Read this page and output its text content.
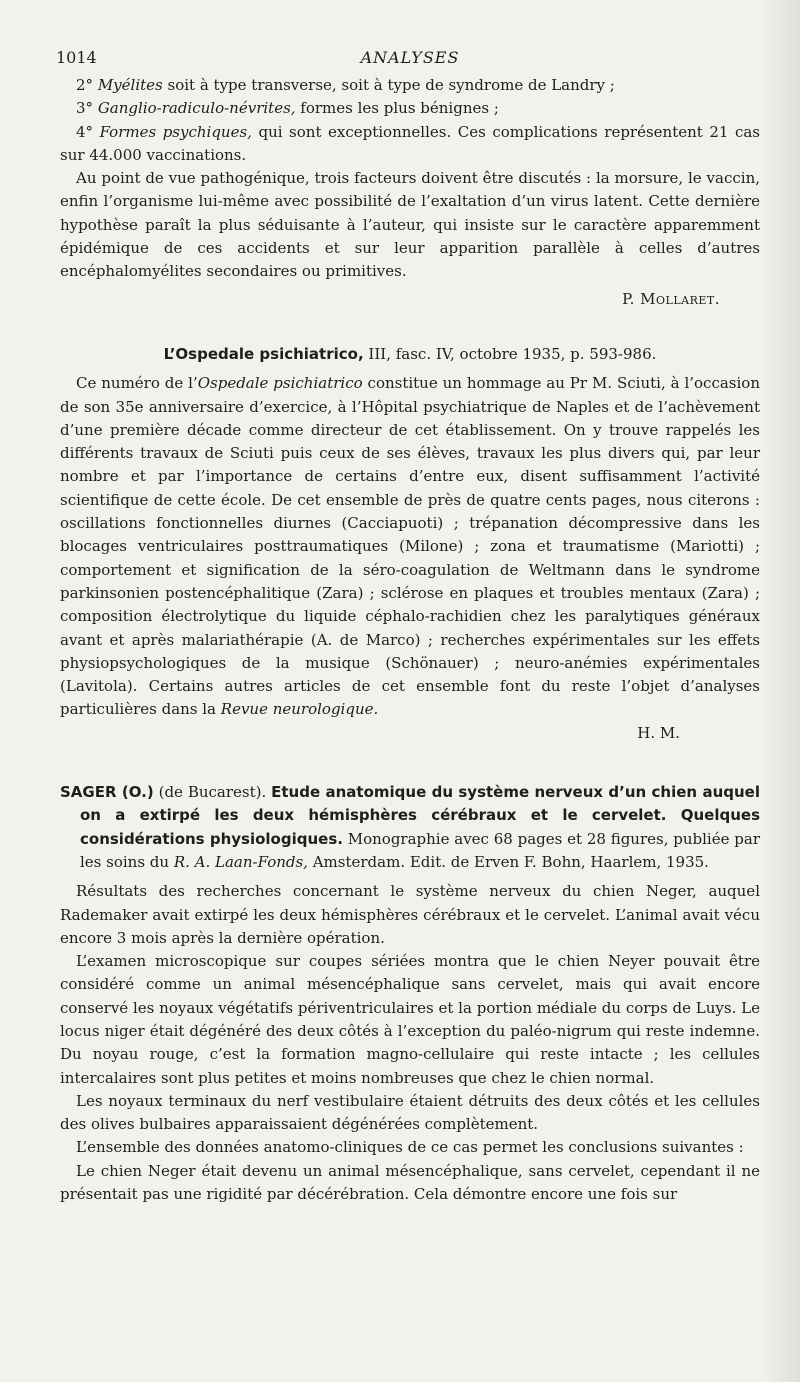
1014	ANALYSES

2° Myélites soit à type transverse, soit à type de syndrome de Landry ;

3° Ganglio-radiculo-névrites, formes les plus bénignes ;

4° Formes psychiques, qui sont exceptionnelles. Ces complications représentent 21 cas sur 44.000 vaccinations.

Au point de vue pathogénique, trois facteurs doivent être discutés : la morsure, le vaccin, enfin l’organisme lui-même avec possibilité de l’exaltation d’un virus latent. Cette dernière hypothèse paraît la plus séduisante à l’auteur, qui insiste sur le caractère apparemment épidémique de ces accidents et sur leur apparition parallèle à celles d’autres encéphalomyélites secondaires ou primitives.

P. Mollaret.

L’Ospedale psichiatrico, III, fasc. IV, octobre 1935, p. 593-986.

Ce numéro de l’Ospedale psichiatrico constitue un hommage au Pr M. Sciuti, à l’occasion de son 35e anniversaire d’exercice, à l’Hôpital psychiatrique de Naples et de l’achèvement d’une première décade comme directeur de cet établissement. On y trouve rappelés les différents travaux de Sciuti puis ceux de ses élèves, travaux les plus divers qui, par leur nombre et par l’importance de certains d’entre eux, disent suffisamment l’activité scientifique de cette école. De cet ensemble de près de quatre cents pages, nous citerons : oscillations fonctionnelles diurnes (Cacciapuoti) ; trépanation décompressive dans les blocages ventriculaires posttraumatiques (Milone) ; zona et traumatisme (Mariotti) ; comportement et signification de la séro-coagulation de Weltmann dans le syndrome parkinsonien postencéphalitique (Zara) ; sclérose en plaques et troubles mentaux (Zara) ; composition électrolytique du liquide céphalo-rachidien chez les paralytiques généraux avant et après malariathérapie (A. de Marco) ; recherches expérimentales sur les effets physiopsychologiques de la musique (Schönauer) ; neuro-anémies expérimentales (Lavitola). Certains autres articles de cet ensemble font du reste l’objet d’analyses particulières dans la Revue neurologique.

H. M.

SAGER (O.) (de Bucarest). Etude anatomique du système nerveux d’un chien auquel on a extirpé les deux hémisphères cérébraux et le cervelet. Quelques considérations physiologiques. Monographie avec 68 pages et 28 figures, publiée par les soins du R. A. Laan-Fonds, Amsterdam. Edit. de Erven F. Bohn, Haarlem, 1935.

Résultats des recherches concernant le système nerveux du chien Neger, auquel Rademaker avait extirpé les deux hémisphères cérébraux et le cervelet. L’animal avait vécu encore 3 mois après la dernière opération.

L’examen microscopique sur coupes sériées montra que le chien Neyer pouvait être considéré comme un animal mésencéphalique sans cervelet, mais qui avait encore conservé les noyaux végétatifs périventriculaires et la portion médiale du corps de Luys. Le locus niger était dégénéré des deux côtés à l’exception du paléo-nigrum qui reste indemne. Du noyau rouge, c’est la formation magno-cellulaire qui reste intacte ; les cellules intercalaires sont plus petites et moins nombreuses que chez le chien normal.

Les noyaux terminaux du nerf vestibulaire étaient détruits des deux côtés et les cellules des olives bulbaires apparaissaient dégénérées complètement.

L’ensemble des données anatomo-cliniques de ce cas permet les conclusions suivantes :

Le chien Neger était devenu un animal mésencéphalique, sans cervelet, cependant il ne présentait pas une rigidité par décérébration. Cela démontre encore une fois sur
